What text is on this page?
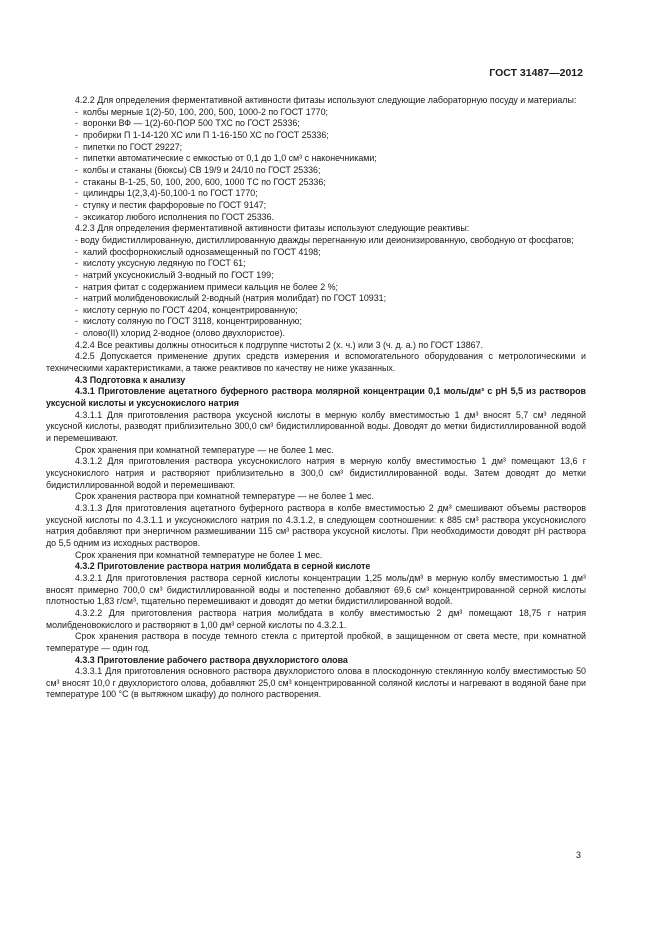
ГОСТ 31487—2012

4.2.2 Для определения ферментативной активности фитазы используют следующие лабораторную посуду и материалы:

- колбы мерные 1(2)-50, 100, 200, 500, 1000-2 по ГОСТ 1770;

- воронки ВФ — 1(2)-60-ПОР 500 ТХС по ГОСТ 25336;

- пробирки П 1-14-120 ХС или П 1-16-150 ХС по ГОСТ 25336;

- пипетки по ГОСТ 29227;

- пипетки автоматические с емкостью от 0,1 до 1,0 см³ с наконечниками;

- колбы и стаканы (бюксы) СВ 19/9 и 24/10 по ГОСТ 25336;

- стаканы В-1-25, 50, 100, 200, 600, 1000 ТС по ГОСТ 25336;

- цилиндры 1(2,3,4)-50,100-1 по ГОСТ 1770;

- ступку и пестик фарфоровые по ГОСТ 9147;

- эксикатор любого исполнения по ГОСТ 25336.

4.2.3 Для определения ферментативной активности фитазы используют следующие реактивы:

- воду бидистиллированную, дистиллированную дважды перегнанную или деионизированную, свободную от фосфатов;

- калий фосфорнокислый однозамещенный по ГОСТ 4198;

- кислоту уксусную ледяную по ГОСТ 61;

- натрий уксуснокислый 3-водный по ГОСТ 199;

- натрия фитат с содержанием примеси кальция не более 2 %;

- натрий молибденовокислый 2-водный (натрия молибдат) по ГОСТ 10931;

- кислоту серную по ГОСТ 4204, концентрированную;

- кислоту соляную по ГОСТ 3118, концентрированную;

- олово(II) хлорид 2-водное (олово двухлористое).

4.2.4 Все реактивы должны относиться к подгруппе чистоты 2 (х. ч.) или 3 (ч. д. а.) по ГОСТ 13867.

4.2.5 Допускается применение других средств измерения и вспомогательного оборудования с метрологическими и техническими характеристиками, а также реактивов по качеству не ниже указанных.

4.3 Подготовка к анализу

4.3.1 Приготовление ацетатного буферного раствора молярной концентрации 0,1 моль/дм³ с pH 5,5 из растворов уксусной кислоты и уксуснокислого натрия

4.3.1.1 Для приготовления раствора уксусной кислоты в мерную колбу вместимостью 1 дм³ вносят 5,7 см³ ледяной уксусной кислоты, разводят приблизительно 300,0 см³ бидистиллированной воды. Доводят до метки бидистиллированной водой и перемешивают.

Срок хранения при комнатной температуре — не более 1 мес.

4.3.1.2 Для приготовления раствора уксуснокислого натрия в мерную колбу вместимостью 1 дм³ помещают 13,6 г уксуснокислого натрия и растворяют приблизительно в 300,0 см³ бидистиллированной воды. Затем доводят до метки бидистиллированной водой и перемешивают.

Срок хранения раствора при комнатной температуре — не более 1 мес.

4.3.1.3 Для приготовления ацетатного буферного раствора в колбе вместимостью 2 дм³ смешивают объемы растворов уксусной кислоты по 4.3.1.1 и уксуснокислого натрия по 4.3.1.2, в следующем соотношении: к 885 см³ раствора уксуснокислого натрия добавляют при энергичном размешивании 115 см³ раствора уксусной кислоты. При необходимости доводят pH раствора до 5,5 одним из исходных растворов.

Срок хранения при комнатной температуре не более 1 мес.

4.3.2 Приготовление раствора натрия молибдата в серной кислоте

4.3.2.1 Для приготовления раствора серной кислоты концентрации 1,25 моль/дм³ в мерную колбу вместимостью 1 дм³ вносят примерно 700,0 см³ бидистиллированной воды и постепенно добавляют 69,6 см³ концентрированной серной кислоты плотностью 1,83 г/см³, тщательно перемешивают и доводят до метки бидистиллированной водой.

4.3.2.2 Для приготовления раствора натрия молибдата в колбу вместимостью 2 дм³ помещают 18,75 г натрия молибденовокислого и растворяют в 1,00 дм³ серной кислоты по 4.3.2.1.

Срок хранения раствора в посуде темного стекла с притертой пробкой, в защищенном от света месте, при комнатной температуре — один год.

4.3.3 Приготовление рабочего раствора двухлористого олова

4.3.3.1 Для приготовления основного раствора двухлористого олова в плоскодонную стеклянную колбу вместимостью 50 см³ вносят 10,0 г двухлористого олова, добавляют 25,0 см³ концентрированной соляной кислоты и нагревают в водяной бане при температуре 100 °С (в вытяжном шкафу) до полного растворения.

3
